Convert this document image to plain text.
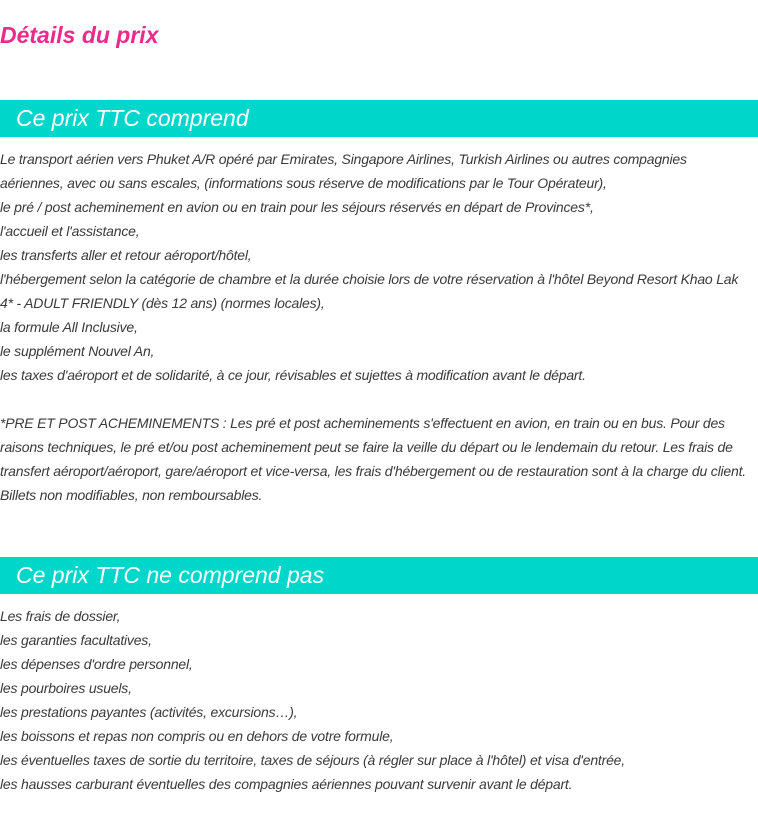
Détails du prix
Ce prix TTC comprend

Le transport aérien vers Phuket A/R opéré par Emirates, Singapore Airlines, Turkish Airlines ou autres compagnies aériennes, avec ou sans escales, (informations sous réserve de modifications par le Tour Opérateur),

le pré / post acheminement en avion ou en train pour les séjours réservés en départ de Provinces*,

l'accueil et l'assistance,

les transferts aller et retour aéroport/hôtel,

l'hébergement selon la catégorie de chambre et la durée choisie lors de votre réservation à l'hôtel Beyond Resort Khao Lak 4* - ADULT FRIENDLY (dès 12 ans) (normes locales),

la formule All Inclusive,

le supplément Nouvel An,

les taxes d'aéroport et de solidarité, à ce jour, révisables et sujettes à modification avant le départ.

*PRE ET POST ACHEMINEMENTS : Les pré et post acheminements s'effectuent en avion, en train ou en bus. Pour des raisons techniques, le pré et/ou post acheminement peut se faire la veille du départ ou le lendemain du retour. Les frais de transfert aéroport/aéroport, gare/aéroport et vice-versa, les frais d'hébergement ou de restauration sont à la charge du client. Billets non modifiables, non remboursables.

Ce prix TTC ne comprend pas

Les frais de dossier,

les garanties facultatives,

les dépenses d'ordre personnel,

les pourboires usuels,

les prestations payantes (activités, excursions…),

les boissons et repas non compris ou en dehors de votre formule,

les éventuelles taxes de sortie du territoire, taxes de séjours (à régler sur place à l'hôtel) et visa d'entrée,

les hausses carburant éventuelles des compagnies aériennes pouvant survenir avant le départ.
